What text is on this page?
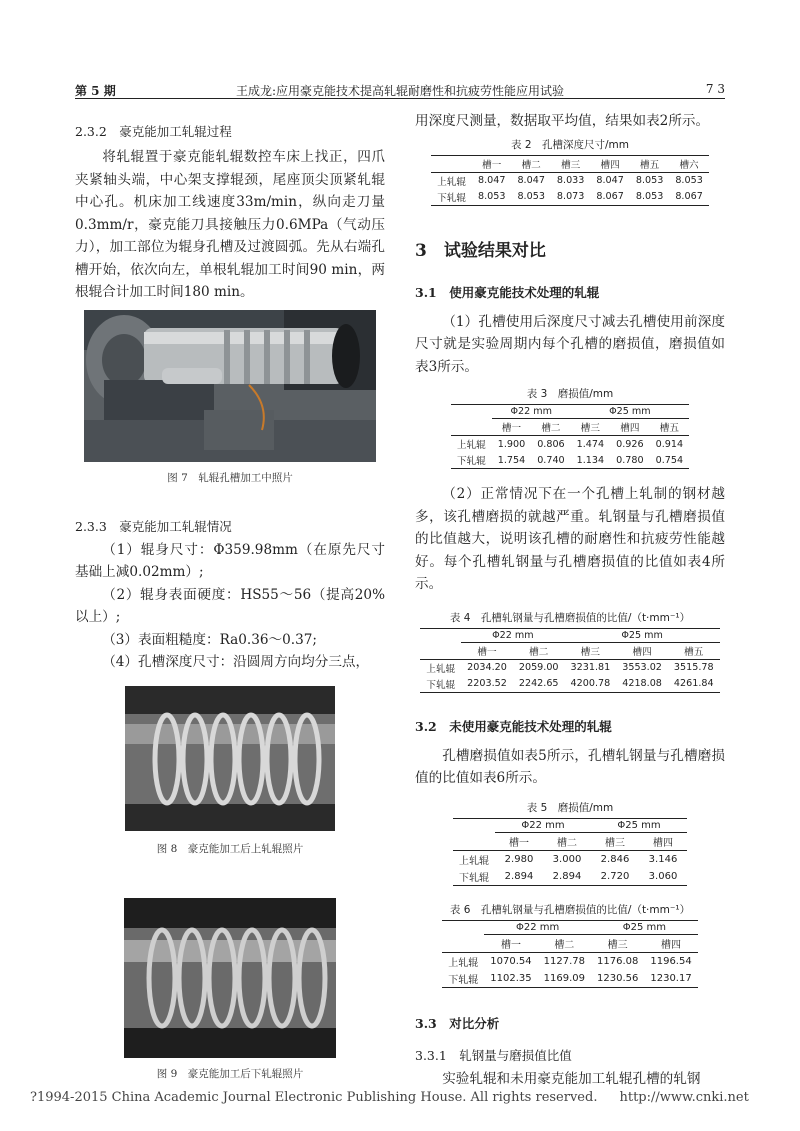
第 5 期	王成龙:应用豪克能技术提高轧辊耐磨性和抗疲劳性能应用试验	7 3
2.3.2　豪克能加工轧辊过程

将轧辊置于豪克能轧辊数控车床上找正，四爪夹紧轴头端，中心架支撑辊颈，尾座顶尖顶紧轧辊中心孔。机床加工线速度33m/min，纵向走刀量0.3mm/r，豪克能刀具接触压力0.6MPa（气动压力），加工部位为辊身孔槽及过渡圆弧。先从右端孔槽开始，依次向左，单根轧辊加工时间90 min，两根辊合计加工时间180 min。

图 7　轧辊孔槽加工中照片
2.3.3　豪克能加工轧辊情况

（1）辊身尺寸：Φ359.98mm（在原先尺寸基础上减0.02mm）;

（2）辊身表面硬度：HS55～56（提高20%以上）;

（3）表面粗糙度：Ra0.36～0.37;

（4）孔槽深度尺寸：沿圆周方向均分三点，

图 8　豪克能加工后上轧辊照片
图 9　豪克能加工后下轧辊照片

用深度尺测量，数据取平均值，结果如表2所示。

表 2　 孔槽深度尺寸/mm
	槽一	槽二	槽三	槽四	槽五	槽六
上轧辊	8.047	8.047	8.033	8.047	8.053	8.053
下轧辊	8.053	8.053	8.073	8.067	8.053	8.067
3　试验结果对比
3.1　使用豪克能技术处理的轧辊

（1）孔槽使用后深度尺寸减去孔槽使用前深度尺寸就是实验周期内每个孔槽的磨损值，磨损值如表3所示。

表 3　 磨损值/mm
	Φ22 mm		Φ25 mm		
	槽一	槽二	槽三	槽四	槽五
上轧辊	1.900	0.806	1.474	0.926	0.914
下轧辊	1.754	0.740	1.134	0.780	0.754

（2）正常情况下在一个孔槽上轧制的钢材越多，该孔槽磨损的就越严重。轧钢量与孔槽磨损值的比值越大，说明该孔槽的耐磨性和抗疲劳性能越好。每个孔槽轧钢量与孔槽磨损值的比值如表4所示。

表 4　 孔槽轧钢量与孔槽磨损值的比值/（t·mm⁻¹）
	Φ22 mm		Φ25 mm		
	槽一	槽二	槽三	槽四	槽五
上轧辊	2034.20	2059.00	3231.81	3553.02	3515.78
下轧辊	2203.52	2242.65	4200.78	4218.08	4261.84
3.2　未使用豪克能技术处理的轧辊

孔槽磨损值如表5所示，孔槽轧钢量与孔槽磨损值的比值如表6所示。

表 5　 磨损值/mm
	Φ22 mm		Φ25 mm	
	槽一	槽二	槽三	槽四
上轧辊	2.980	3.000	2.846	3.146
下轧辊	2.894	2.894	2.720	3.060
表 6　 孔槽轧钢量与孔槽磨损值的比值/（t·mm⁻¹）
	Φ22 mm		Φ25 mm	
	槽一	槽二	槽三	槽四
上轧辊	1070.54	1127.78	1176.08	1196.54
下轧辊	1102.35	1169.09	1230.56	1230.17
3.3　对比分析
3.3.1　轧钢量与磨损值比值

实验轧辊和未用豪克能加工轧辊孔槽的轧钢

?1994-2015 China Academic Journal Electronic Publishing House. All rights reserved. http://www.cnki.net
